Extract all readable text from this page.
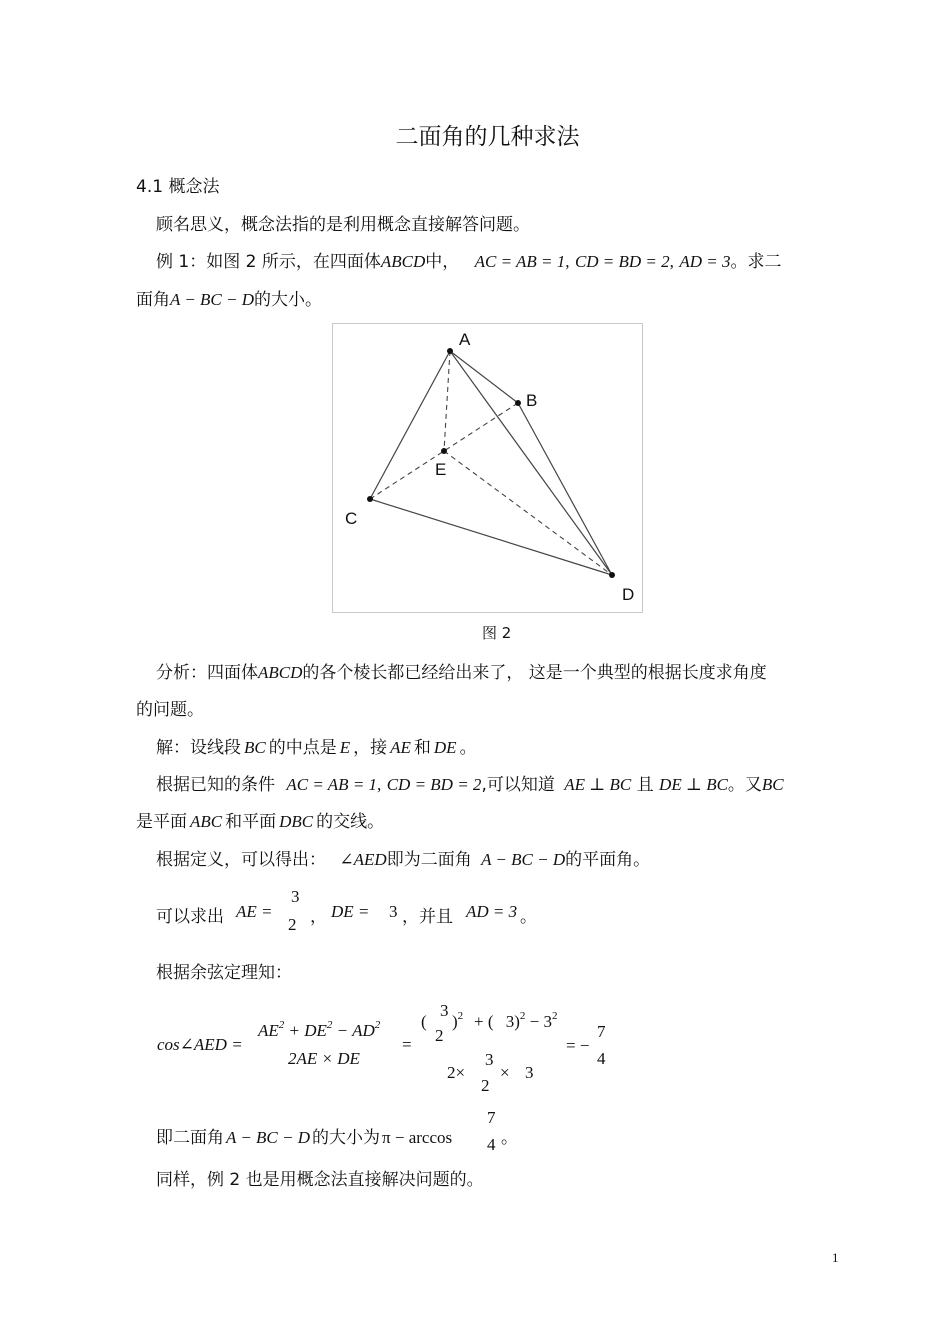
二面角的几种求法
4.1 概念法
顾名思义，概念法指的是利用概念直接解答问题。
例 1：如图 2 所示，在四面体ABCD中， AC = AB = 1, CD = BD = 2, AD = 3。求二
面角A − BC − D的大小。
A
B
C
D
E
图 2
分析：四面体ABCD的各个棱长都已经给出来了， 这是一个典型的根据长度求角度
的问题。
解：设线段 BC 的中点是 E ，接 AE 和 DE 。
根据已知的条件 AC = AB = 1, CD = BD = 2,可以知道 AE ⊥ BC 且 DE ⊥ BC。又BC
是平面 ABC 和平面 DBC 的交线。
根据定义，可以得出： ∠AED即为二面角 A − BC − D的平面角。
可以求出 AE =
3
2 ， DE = 3 ，并且 AD = 3 。
根据余弦定理知：
cos∠AED =
$AE^2 + DE^2 - AD^2$
2AE × DE
=
(
3
2
)$^2$ + ( $3)^2 - 3^2$
2×
3
2
× 3
= −
7
4
即二面角 A − BC − D 的大小为 π − arccos
7
4 。
同样，例 2 也是用概念法直接解决问题的。
1
